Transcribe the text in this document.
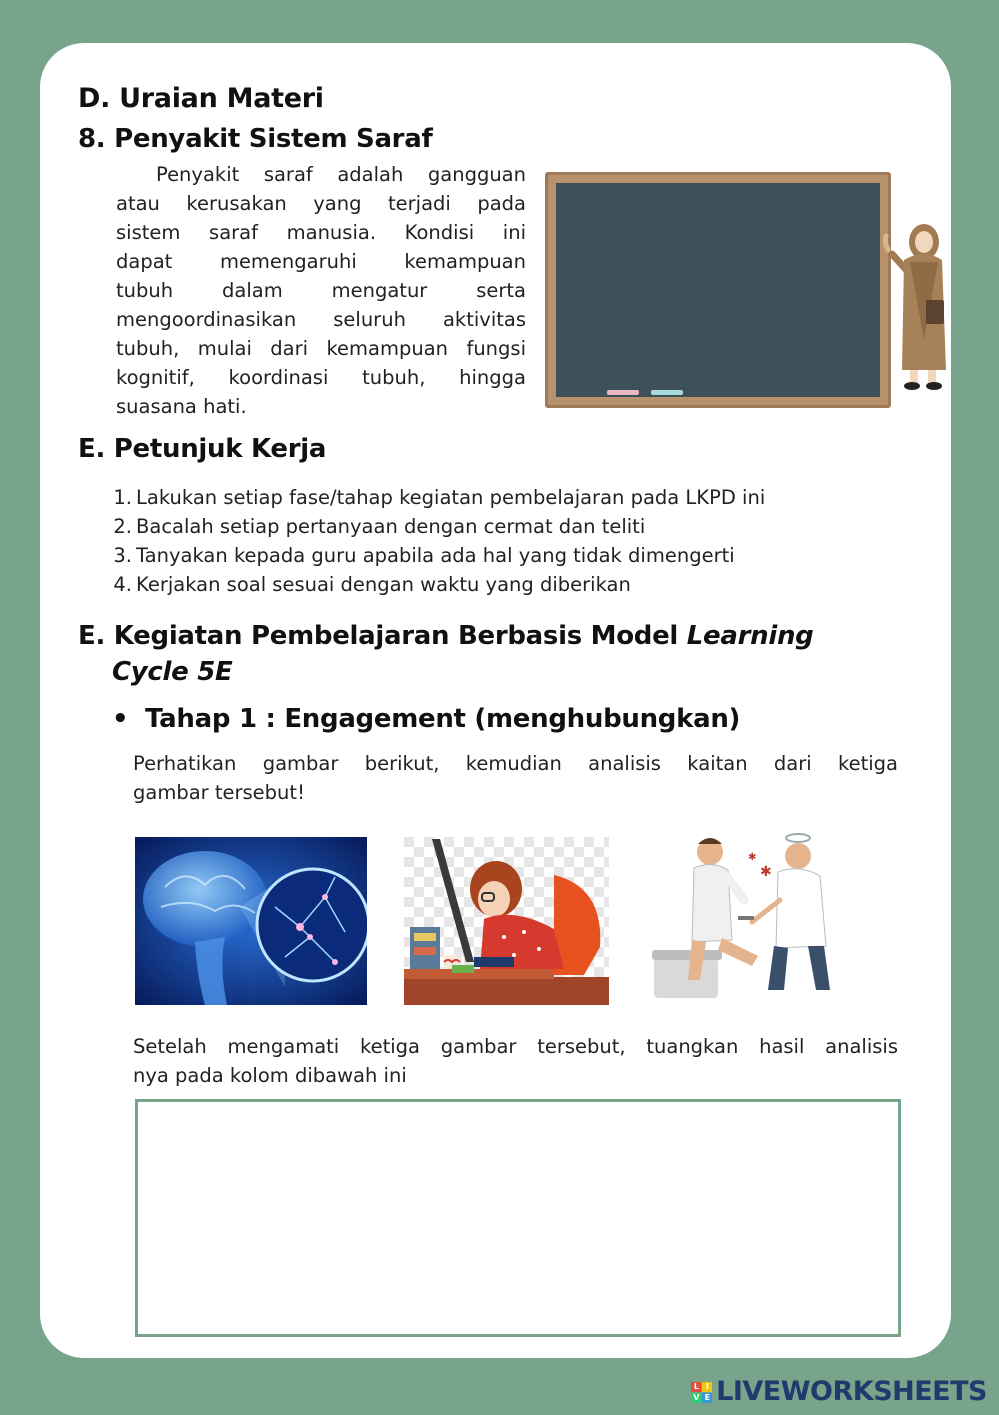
D. Uraian Materi
8. Penyakit Sistem Saraf
Penyakit saraf adalah gangguan
atau kerusakan yang terjadi pada
sistem saraf manusia. Kondisi ini
dapat memengaruhi kemampuan
tubuh dalam mengatur serta
mengoordinasikan seluruh aktivitas
tubuh, mulai dari kemampuan fungsi
kognitif, koordinasi tubuh, hingga
suasana hati.
E. Petunjuk Kerja
1. Lakukan setiap fase/tahap kegiatan pembelajaran pada LKPD ini
2. Bacalah setiap pertanyaan dengan cermat dan teliti
3. Tanyakan kepada guru apabila ada hal yang tidak dimengerti
4. Kerjakan soal sesuai dengan waktu yang diberikan
E. Kegiatan Pembelajaran Berbasis Model Learning
Cycle 5E
• Tahap 1 : Engagement (menghubungkan)
Perhatikan gambar berikut, kemudian analisis kaitan dari ketiga
gambar tersebut!
✱
✱
Setelah mengamati ketiga gambar tersebut, tuangkan hasil analisis
nya pada kolom dibawah ini
L I
V E LIVEWORKSHEETS
